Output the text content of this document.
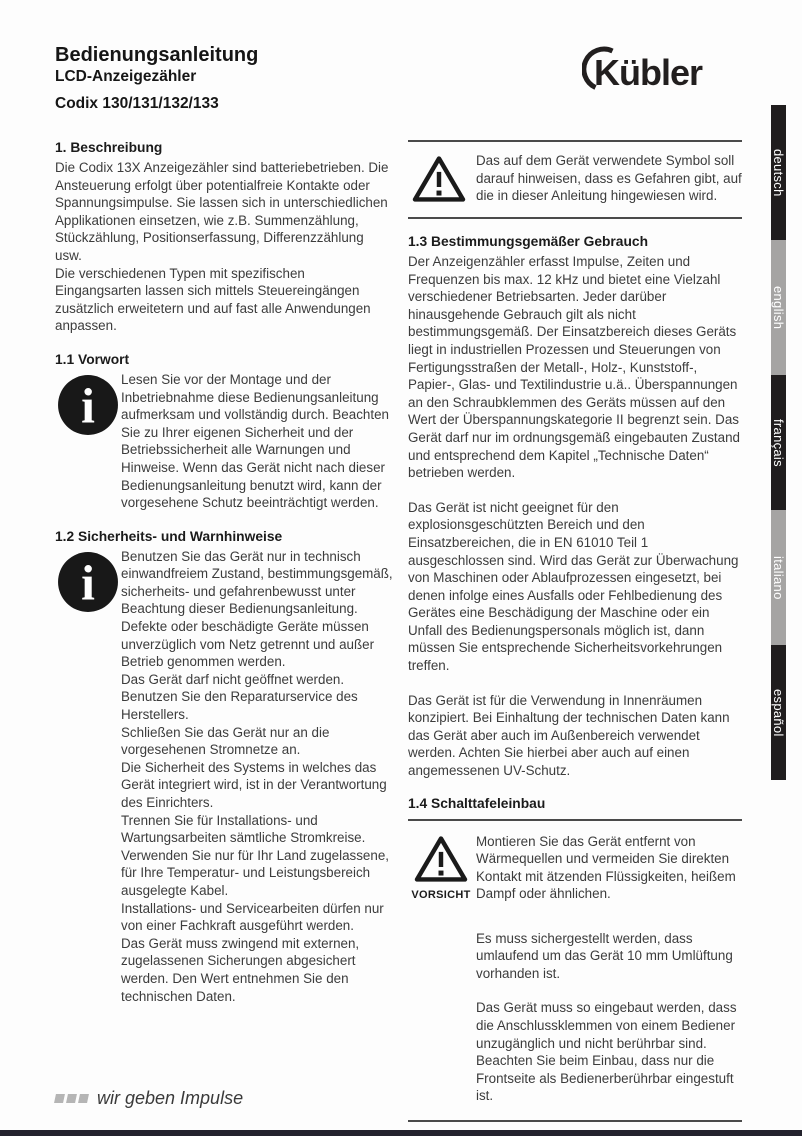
Bedienungsanleitung
LCD-Anzeigezähler
Codix 130/131/132/133
Kübler
1. Beschreibung

Die Codix 13X Anzeigezähler sind batteriebetrieben. Die Ansteuerung erfolgt über potentialfreie Kontakte oder Spannungsimpulse. Sie lassen sich in unterschiedlichen Applikationen einsetzen, wie z.B. Summenzählung, Stückzählung, Positionserfassung, Differenzzählung usw.

Die verschiedenen Typen mit spezifischen Eingangsarten lassen sich mittels Steuereingängen zusätzlich erweitetern und auf fast alle Anwendungen anpassen.

1.1 Vorwort
i Lesen Sie vor der Montage und der Inbetriebnahme diese Bedienungsanleitung aufmerksam und vollständig durch. Beachten Sie zu Ihrer eigenen Sicherheit und der Betriebssicherheit alle Warnungen und Hinweise. Wenn das Gerät nicht nach dieser Bedienungsanleitung benutzt wird, kann der vorgesehene Schutz beeinträchtigt werden.

1.2 Sicherheits- und Warnhinweise
i Benutzen Sie das Gerät nur in technisch einwandfreiem Zustand, bestimmungsgemäß, sicherheits- und gefahrenbewusst unter Beachtung dieser Bedienungsanleitung.
Defekte oder beschädigte Geräte müssen unverzüglich vom Netz getrennt und außer Betrieb genommen werden.
Das Gerät darf nicht geöffnet werden.
Benutzen Sie den Reparaturservice des Herstellers.
Schließen Sie das Gerät nur an die vorgesehenen Stromnetze an.
Die Sicherheit des Systems in welches das Gerät integriert wird, ist in der Verantwortung des Einrichters.
Trennen Sie für Installations- und Wartungsarbeiten sämtliche Stromkreise.
Verwenden Sie nur für Ihr Land zugelassene, für Ihre Temperatur- und Leistungsbereich ausgelegte Kabel.
Installations- und Servicearbeiten dürfen nur von einer Fachkraft ausgeführt werden.
Das Gerät muss zwingend mit externen, zugelassenen Sicherungen abgesichert werden. Den Wert entnehmen Sie den technischen Daten.

Das auf dem Gerät verwendete Symbol soll darauf hinweisen, dass es Gefahren gibt, auf die in dieser Anleitung hingewiesen wird.

1.3 Bestimmungsgemäßer Gebrauch

Der Anzeigenzähler erfasst Impulse, Zeiten und Frequenzen bis max. 12 kHz und bietet eine Vielzahl verschiedener Betriebsarten. Jeder darüber hinausgehende Gebrauch gilt als nicht bestimmungsgemäß. Der Einsatzbereich dieses Geräts liegt in industriellen Prozessen und Steuerungen von Fertigungsstraßen der Metall-, Holz-, Kunststoff-, Papier-, Glas- und Textilindustrie u.ä.. Überspannungen an den Schraubklemmen des Geräts müssen auf den Wert der Überspannungskategorie II begrenzt sein. Das Gerät darf nur im ordnungsgemäß eingebauten Zustand und entsprechend dem Kapitel „Technische Daten“ betrieben werden.

Das Gerät ist nicht geeignet für den explosionsgeschützten Bereich und den Einsatzbereichen, die in EN 61010 Teil 1 ausgeschlossen sind. Wird das Gerät zur Überwachung von Maschinen oder Ablaufprozessen eingesetzt, bei denen infolge eines Ausfalls oder Fehlbedienung des Gerätes eine Beschädigung der Maschine oder ein Unfall des Bedienungspersonals möglich ist, dann müssen Sie entsprechende Sicherheitsvorkehrungen treffen.

Das Gerät ist für die Verwendung in Innenräumen konzipiert. Bei Einhaltung der technischen Daten kann das Gerät aber auch im Außenbereich verwendet werden. Achten Sie hierbei aber auch auf einen angemessenen UV-Schutz.

1.4 Schalttafeleinbau
VORSICHT

Montieren Sie das Gerät entfernt von Wärmequellen und vermeiden Sie direkten Kontakt mit ätzenden Flüssigkeiten, heißem Dampf oder ähnlichen.

Es muss sichergestellt werden, dass umlaufend um das Gerät 10 mm Umlüftung vorhanden ist.

Das Gerät muss so eingebaut werden, dass die Anschlussklemmen von einem Bediener unzugänglich und nicht berührbar sind. Beachten Sie beim Einbau, dass nur die Frontseite als Bedienerberührbar eingestuft ist.

deutsch
english
français
italiano
español
wir geben Impulse
